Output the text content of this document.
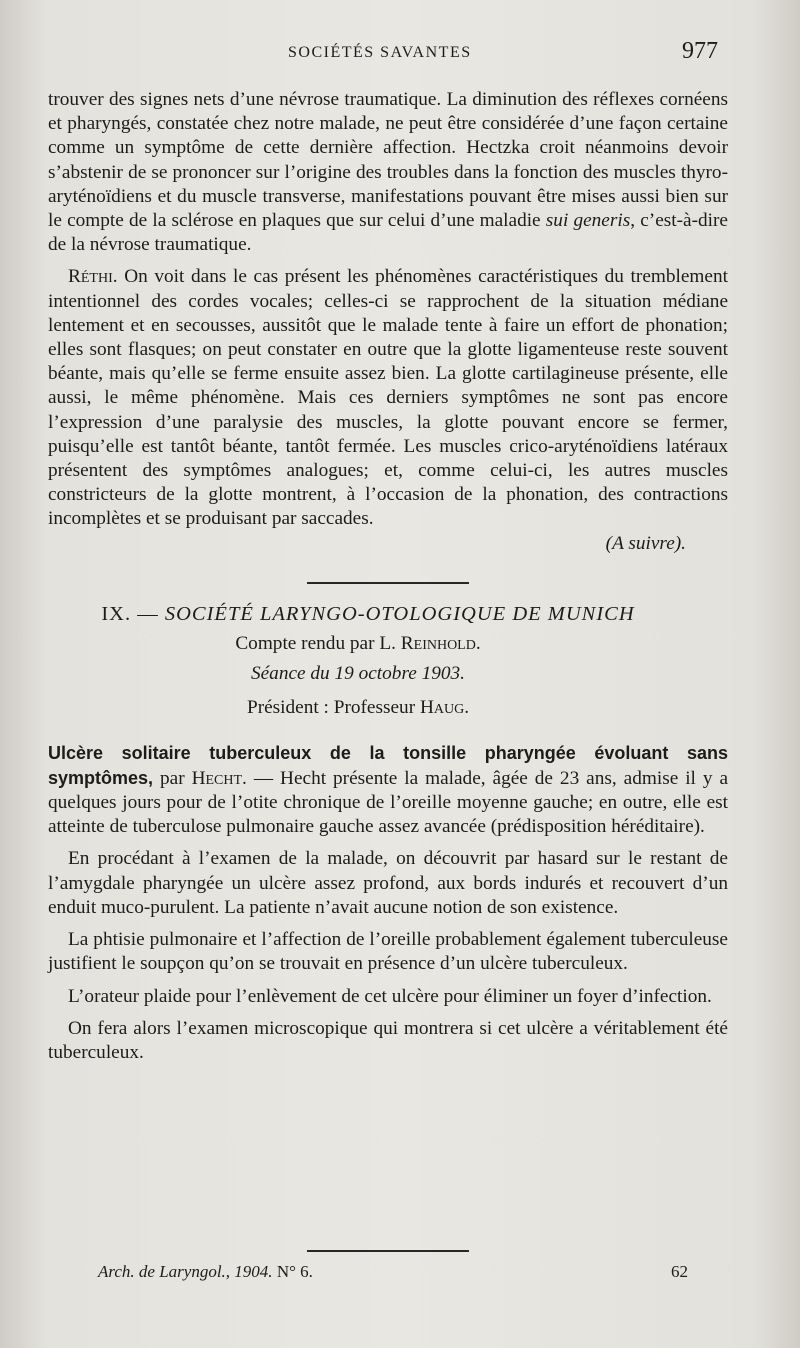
SOCIÉTÉS SAVANTES	977

trouver des signes nets d’une névrose traumatique. La diminution des réflexes cornéens et pharyngés, constatée chez notre malade, ne peut être considérée d’une façon certaine comme un symptôme de cette dernière affection. Hectzka croit néanmoins devoir s’abstenir de se prononcer sur l’origine des troubles dans la fonction des muscles thyro-aryténoïdiens et du muscle transverse, manifestations pouvant être mises aussi bien sur le compte de la sclérose en plaques que sur celui d’une maladie sui generis, c’est-à-dire de la névrose traumatique.

Réthi. On voit dans le cas présent les phénomènes caractéristiques du tremblement intentionnel des cordes vocales; celles-ci se rapprochent de la situation médiane lentement et en secousses, aussitôt que le malade tente à faire un effort de phonation; elles sont flasques; on peut constater en outre que la glotte ligamenteuse reste souvent béante, mais qu’elle se ferme ensuite assez bien. La glotte cartilagineuse présente, elle aussi, le même phénomène. Mais ces derniers symptômes ne sont pas encore l’expression d’une paralysie des muscles, la glotte pouvant encore se fermer, puisqu’elle est tantôt béante, tantôt fermée. Les muscles crico-aryténoïdiens latéraux présentent des symptômes analogues; et, comme celui-ci, les autres muscles constricteurs de la glotte montrent, à l’occasion de la phonation, des contractions incomplètes et se produisant par saccades.

(A suivre).

IX. — SOCIÉTÉ LARYNGO-OTOLOGIQUE DE MUNICH

Compte rendu par L. Reinhold.

Séance du 19 octobre 1903.

Président : Professeur Haug.

Ulcère solitaire tuberculeux de la tonsille pharyngée évoluant sans symptômes, par Hecht. — Hecht présente la malade, âgée de 23 ans, admise il y a quelques jours pour de l’otite chronique de l’oreille moyenne gauche; en outre, elle est atteinte de tuberculose pulmonaire gauche assez avancée (prédisposition héréditaire).

En procédant à l’examen de la malade, on découvrit par hasard sur le restant de l’amygdale pharyngée un ulcère assez profond, aux bords indurés et recouvert d’un enduit muco-purulent. La patiente n’avait aucune notion de son existence.

La phtisie pulmonaire et l’affection de l’oreille probablement également tuberculeuse justifient le soupçon qu’on se trouvait en présence d’un ulcère tuberculeux.

L’orateur plaide pour l’enlèvement de cet ulcère pour éliminer un foyer d’infection.

On fera alors l’examen microscopique qui montrera si cet ulcère a véritablement été tuberculeux.

Arch. de Laryngol., 1904. N° 6.	62
